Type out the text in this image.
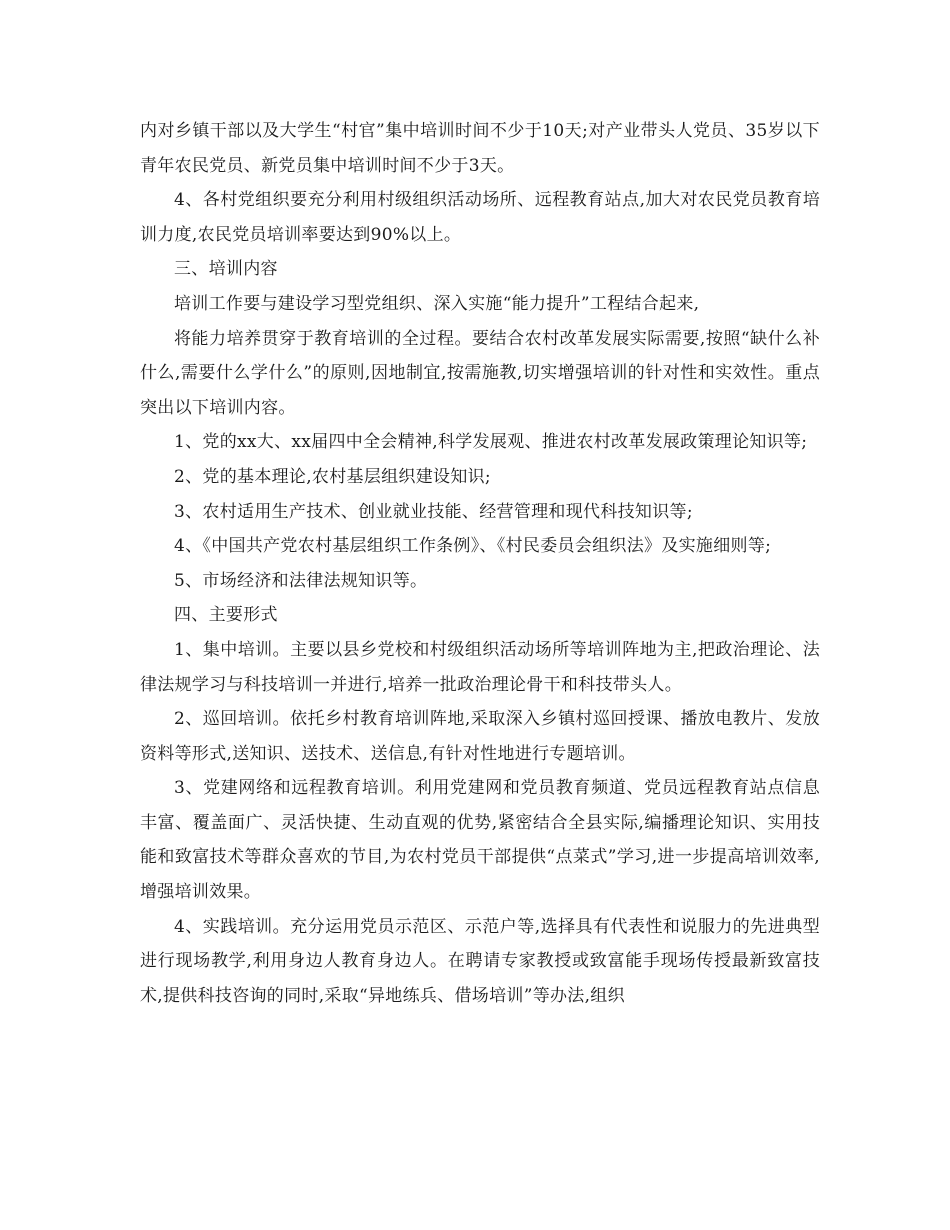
内对乡镇干部以及大学生“村官”集中培训时间不少于10天;对产业带头人党员、35岁以下青年农民党员、新党员集中培训时间不少于3天。

4、各村党组织要充分利用村级组织活动场所、远程教育站点,加大对农民党员教育培训力度,农民党员培训率要达到90%以上。

三、培训内容

培训工作要与建设学习型党组织、深入实施“能力提升”工程结合起来,

将能力培养贯穿于教育培训的全过程。要结合农村改革发展实际需要,按照“缺什么补什么,需要什么学什么”的原则,因地制宜,按需施教,切实增强培训的针对性和实效性。重点突出以下培训内容。

1、党的xx大、xx届四中全会精神,科学发展观、推进农村改革发展政策理论知识等;

2、党的基本理论,农村基层组织建设知识;

3、农村适用生产技术、创业就业技能、经营管理和现代科技知识等;

4、《中国共产党农村基层组织工作条例》、《村民委员会组织法》及实施细则等;

5、市场经济和法律法规知识等。

四、主要形式

1、集中培训。主要以县乡党校和村级组织活动场所等培训阵地为主,把政治理论、法律法规学习与科技培训一并进行,培养一批政治理论骨干和科技带头人。

2、巡回培训。依托乡村教育培训阵地,采取深入乡镇村巡回授课、播放电教片、发放资料等形式,送知识、送技术、送信息,有针对性地进行专题培训。

3、党建网络和远程教育培训。利用党建网和党员教育频道、党员远程教育站点信息丰富、覆盖面广、灵活快捷、生动直观的优势,紧密结合全县实际,编播理论知识、实用技能和致富技术等群众喜欢的节目,为农村党员干部提供“点菜式”学习,进一步提高培训效率,增强培训效果。

4、实践培训。充分运用党员示范区、示范户等,选择具有代表性和说服力的先进典型进行现场教学,利用身边人教育身边人。在聘请专家教授或致富能手现场传授最新致富技术,提供科技咨询的同时,采取“异地练兵、借场培训”等办法,组织
